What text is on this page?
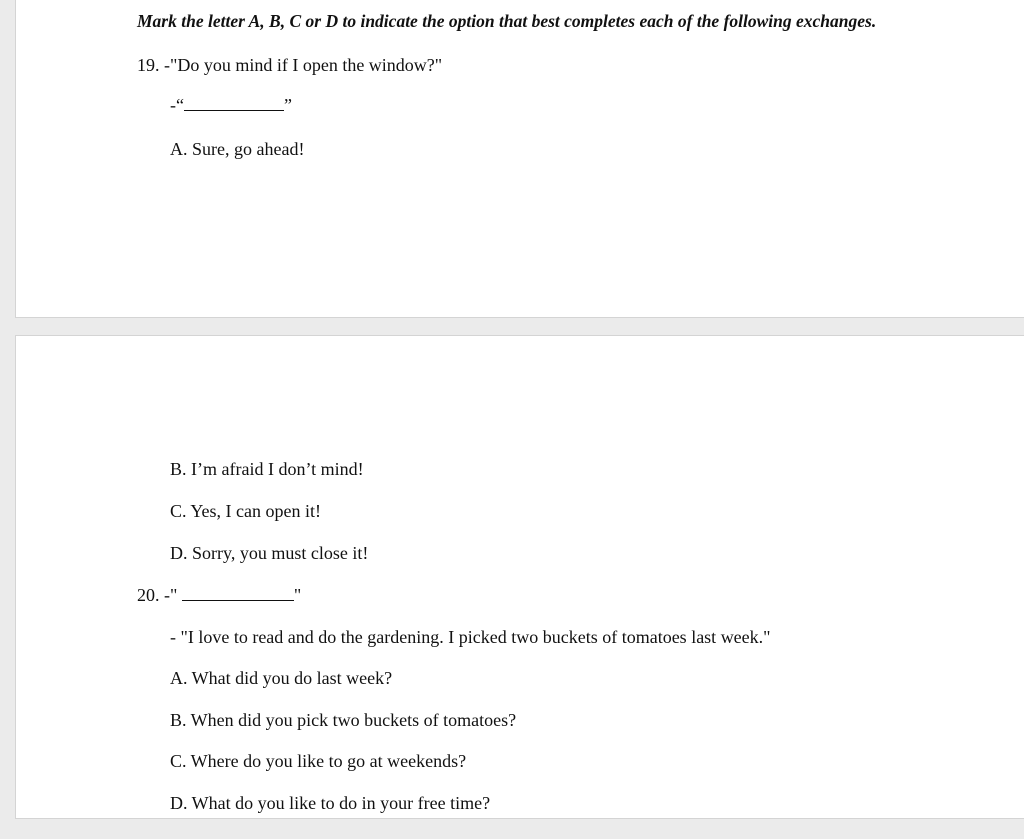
Mark the letter A, B, C or D to indicate the option that best completes each of the following exchanges.
19. -"Do you mind if I open the window?"
-“	”
A. Sure, go ahead!
B. I’m afraid I don’t mind!
C. Yes, I can open it!
D. Sorry, you must close it!
20. -"	"
- "I love to read and do the gardening. I picked two buckets of tomatoes last week."
A. What did you do last week?
B. When did you pick two buckets of tomatoes?
C. Where do you like to go at weekends?
D. What do you like to do in your free time?
